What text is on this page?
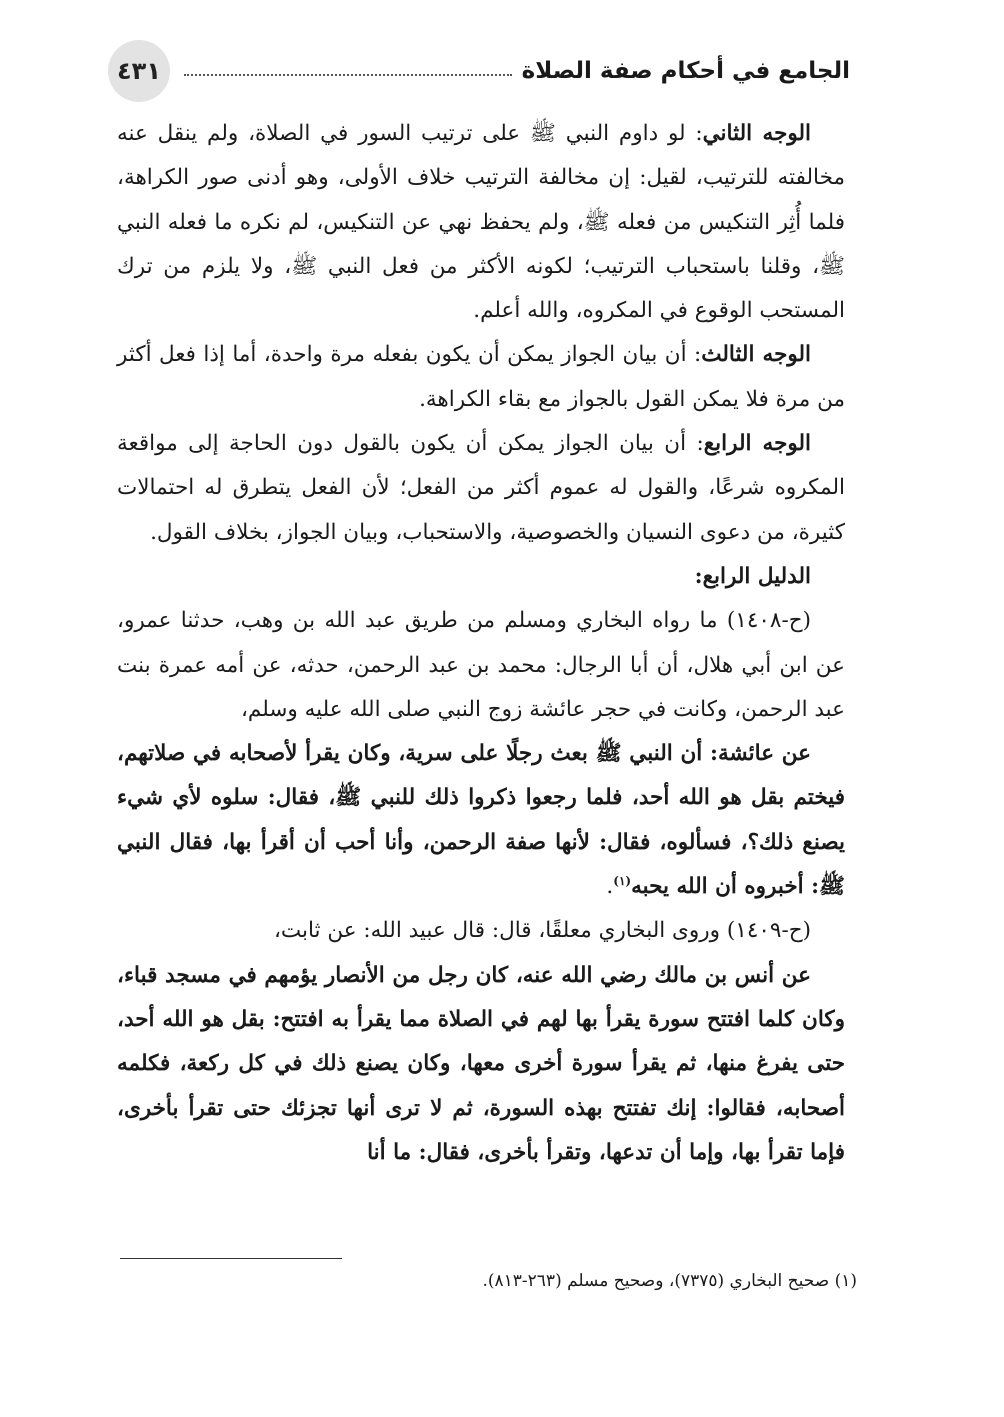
٤٣١	الجامع في أحكام صفة الصلاة

الوجه الثاني: لو داوم النبي ﷺ على ترتيب السور في الصلاة، ولم ينقل عنه مخالفته للترتيب، لقيل: إن مخالفة الترتيب خلاف الأولى، وهو أدنى صور الكراهة، فلما أُثِر التنكيس من فعله ﷺ، ولم يحفظ نهي عن التنكيس، لم نكره ما فعله النبي ﷺ، وقلنا باستحباب الترتيب؛ لكونه الأكثر من فعل النبي ﷺ، ولا يلزم من ترك المستحب الوقوع في المكروه، والله أعلم.

الوجه الثالث: أن بيان الجواز يمكن أن يكون بفعله مرة واحدة، أما إذا فعل أكثر من مرة فلا يمكن القول بالجواز مع بقاء الكراهة.

الوجه الرابع: أن بيان الجواز يمكن أن يكون بالقول دون الحاجة إلى مواقعة المكروه شرعًا، والقول له عموم أكثر من الفعل؛ لأن الفعل يتطرق له احتمالات كثيرة، من دعوى النسيان والخصوصية، والاستحباب، وبيان الجواز، بخلاف القول.

الدليل الرابع:

(ح-١٤٠٨) ما رواه البخاري ومسلم من طريق عبد الله بن وهب، حدثنا عمرو، عن ابن أبي هلال، أن أبا الرجال: محمد بن عبد الرحمن، حدثه، عن أمه عمرة بنت عبد الرحمن، وكانت في حجر عائشة زوج النبي صلى الله عليه وسلم،

عن عائشة: أن النبي ﷺ بعث رجلًا على سرية، وكان يقرأ لأصحابه في صلاتهم، فيختم بقل هو الله أحد، فلما رجعوا ذكروا ذلك للنبي ﷺ، فقال: سلوه لأي شيء يصنع ذلك؟، فسألوه، فقال: لأنها صفة الرحمن، وأنا أحب أن أقرأ بها، فقال النبي ﷺ: أخبروه أن الله يحبه$^{(١)}$.

(ح-١٤٠٩) وروى البخاري معلقًا، قال: قال عبيد الله: عن ثابت،

عن أنس بن مالك رضي الله عنه، كان رجل من الأنصار يؤمهم في مسجد قباء، وكان كلما افتتح سورة يقرأ بها لهم في الصلاة مما يقرأ به افتتح: بقل هو الله أحد، حتى يفرغ منها، ثم يقرأ سورة أخرى معها، وكان يصنع ذلك في كل ركعة، فكلمه أصحابه، فقالوا: إنك تفتتح بهذه السورة، ثم لا ترى أنها تجزئك حتى تقرأ بأخرى، فإما تقرأ بها، وإما أن تدعها، وتقرأ بأخرى، فقال: ما أنا

(١) صحيح البخاري (٧٣٧٥)، وصحيح مسلم (٢٦٣-٨١٣).
